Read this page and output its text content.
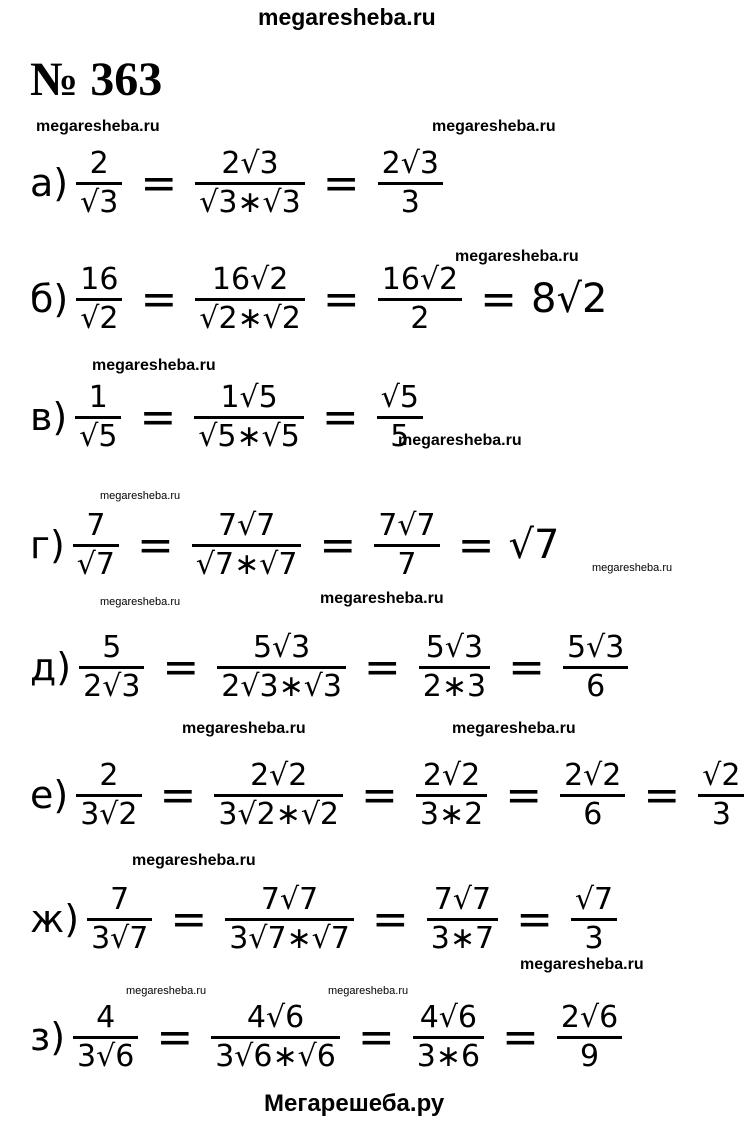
megaresheba.ru
№ 363
megaresheba.ru	megaresheba.ru
megaresheba.ru
megaresheba.ru
megaresheba.ru
megaresheba.ru
megaresheba.ru
megaresheba.ru	megaresheba.ru
megaresheba.ru	megaresheba.ru
megaresheba.ru
megaresheba.ru
megaresheba.ru	megaresheba.ru
$а) \frac{2}{√3} = \frac{2√3}{√3∗√3} = \frac{2√3}{3}$
$б) \frac{16}{√2} = \frac{16√2}{√2∗√2} = \frac{16√2}{2} = 8√2$
$в) \frac{1}{√5} = \frac{1√5}{√5∗√5} = \frac{√5}{5}$
$г) \frac{7}{√7} = \frac{7√7}{√7∗√7} = \frac{7√7}{7} = √7$
$д) \frac{5}{2√3} = \frac{5√3}{2√3∗√3} = \frac{5√3}{2∗3} = \frac{5√3}{6}$
$е) \frac{2}{3√2} = \frac{2√2}{3√2∗√2} = \frac{2√2}{3∗2} = \frac{2√2}{6} = \frac{√2}{3}$
$ж) \frac{7}{3√7} = \frac{7√7}{3√7∗√7} = \frac{7√7}{3∗7} = \frac{√7}{3}$
$з) \frac{4}{3√6} = \frac{4√6}{3√6∗√6} = \frac{4√6}{3∗6} = \frac{2√6}{9}$
Мегарешеба.ру
